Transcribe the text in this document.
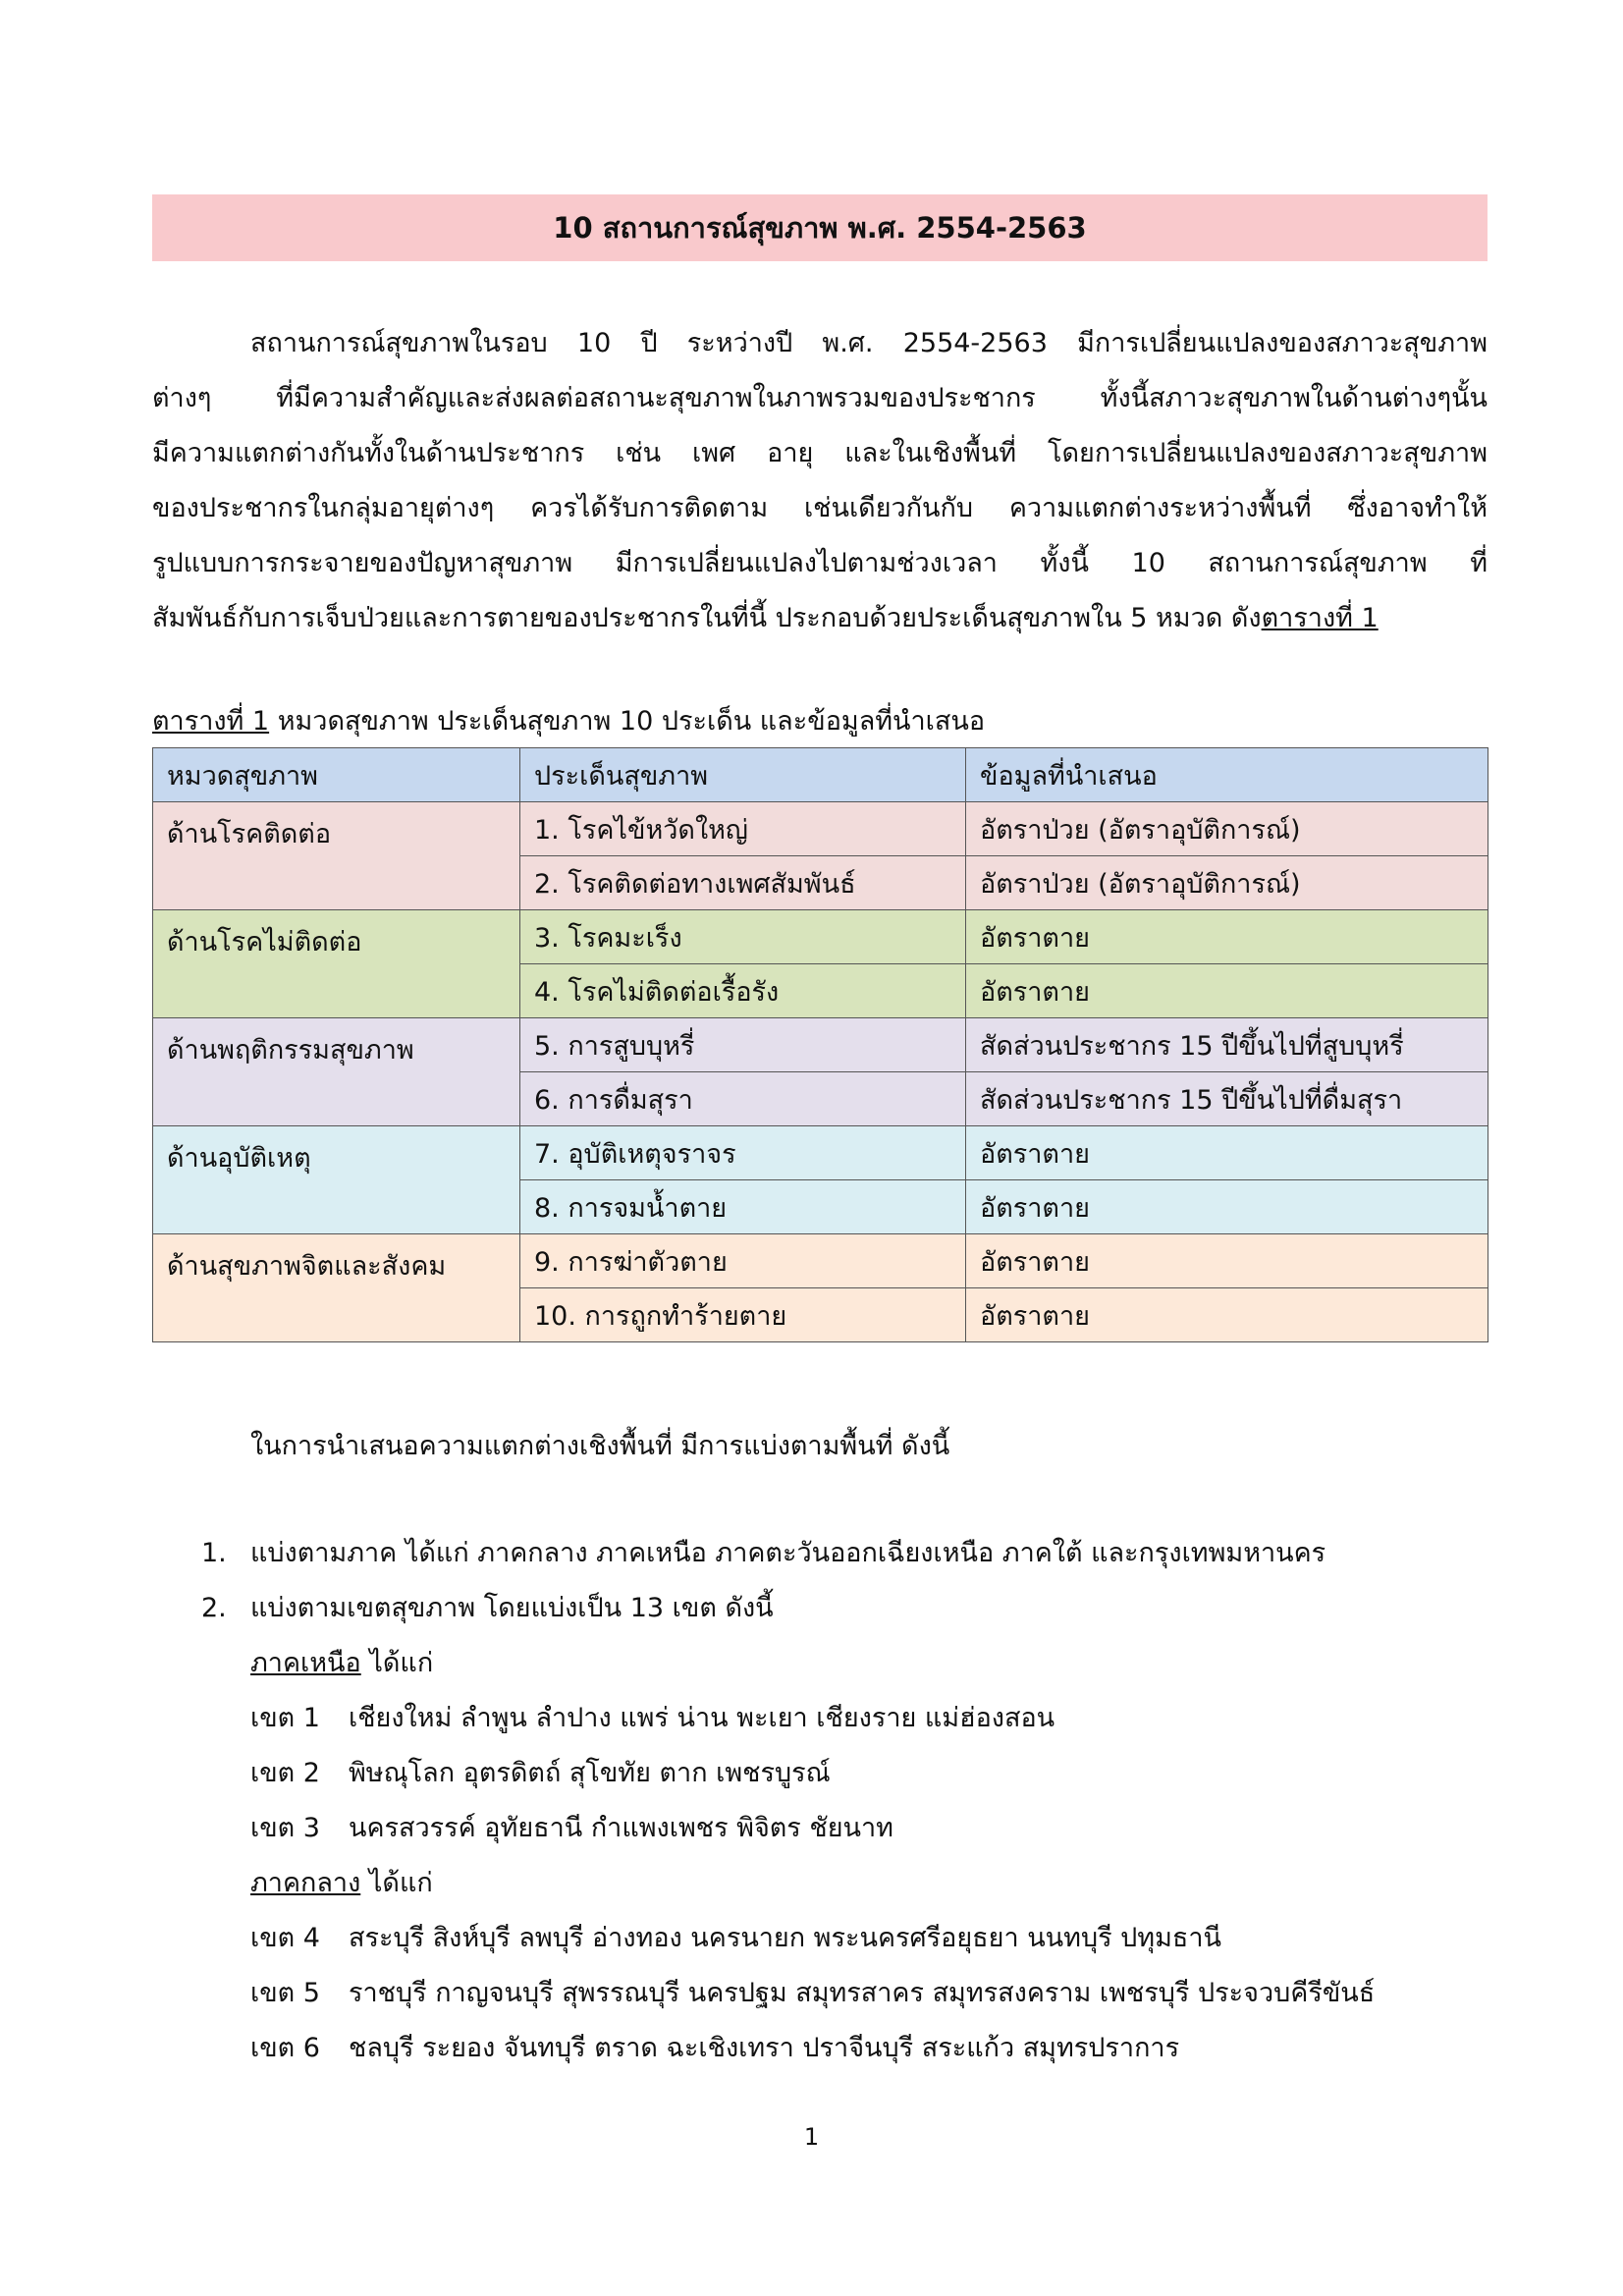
10 สถานการณ์สุขภาพ พ.ศ. 2554-2563
สถานการณ์สุขภาพในรอบ 10 ปี ระหว่างปี พ.ศ. 2554-2563 มีการเปลี่ยนแปลงของสภาวะสุขภาพ
ต่างๆ ที่มีความสำคัญและส่งผลต่อสถานะสุขภาพในภาพรวมของประชากร ทั้งนี้สภาวะสุขภาพในด้านต่างๆนั้น
มีความแตกต่างกันทั้งในด้านประชากร เช่น เพศ อายุ และในเชิงพื้นที่ โดยการเปลี่ยนแปลงของสภาวะสุขภาพ
ของประชากรในกลุ่มอายุต่างๆ ควรได้รับการติดตาม เช่นเดียวกันกับ ความแตกต่างระหว่างพื้นที่ ซึ่งอาจทำให้
รูปแบบการกระจายของปัญหาสุขภาพ มีการเปลี่ยนแปลงไปตามช่วงเวลา ทั้งนี้ 10 สถานการณ์สุขภาพ ที่
สัมพันธ์กับการเจ็บป่วยและการตายของประชากรในที่นี้ ประกอบด้วยประเด็นสุขภาพใน 5 หมวด ดังตารางที่ 1
ตารางที่ 1 หมวดสุขภาพ ประเด็นสุขภาพ 10 ประเด็น และข้อมูลที่นำเสนอ
หมวดสุขภาพ	ประเด็นสุขภาพ	ข้อมูลที่นำเสนอ
ด้านโรคติดต่อ	1. โรคไข้หวัดใหญ่	อัตราป่วย (อัตราอุบัติการณ์)
	2. โรคติดต่อทางเพศสัมพันธ์	อัตราป่วย (อัตราอุบัติการณ์)
ด้านโรคไม่ติดต่อ	3. โรคมะเร็ง	อัตราตาย
	4. โรคไม่ติดต่อเรื้อรัง	อัตราตาย
ด้านพฤติกรรมสุขภาพ	5. การสูบบุหรี่	สัดส่วนประชากร 15 ปีขึ้นไปที่สูบบุหรี่
	6. การดื่มสุรา	สัดส่วนประชากร 15 ปีขึ้นไปที่ดื่มสุรา
ด้านอุบัติเหตุ	7. อุบัติเหตุจราจร	อัตราตาย
	8. การจมน้ำตาย	อัตราตาย
ด้านสุขภาพจิตและสังคม	9. การฆ่าตัวตาย	อัตราตาย
	10. การถูกทำร้ายตาย	อัตราตาย
ในการนำเสนอความแตกต่างเชิงพื้นที่ มีการแบ่งตามพื้นที่ ดังนี้
1. แบ่งตามภาค ได้แก่ ภาคกลาง ภาคเหนือ ภาคตะวันออกเฉียงเหนือ ภาคใต้ และกรุงเทพมหานคร
2. แบ่งตามเขตสุขภาพ โดยแบ่งเป็น 13 เขต ดังนี้
ภาคเหนือ ได้แก่
เขต 1 เชียงใหม่ ลำพูน ลำปาง แพร่ น่าน พะเยา เชียงราย แม่ฮ่องสอน
เขต 2 พิษณุโลก อุตรดิตถ์ สุโขทัย ตาก เพชรบูรณ์
เขต 3 นครสวรรค์ อุทัยธานี กำแพงเพชร พิจิตร ชัยนาท
ภาคกลาง ได้แก่
เขต 4 สระบุรี สิงห์บุรี ลพบุรี อ่างทอง นครนายก พระนครศรีอยุธยา นนทบุรี ปทุมธานี
เขต 5 ราชบุรี กาญจนบุรี สุพรรณบุรี นครปฐม สมุทรสาคร สมุทรสงคราม เพชรบุรี ประจวบคีรีขันธ์
เขต 6 ชลบุรี ระยอง จันทบุรี ตราด ฉะเชิงเทรา ปราจีนบุรี สระแก้ว สมุทรปราการ
1
